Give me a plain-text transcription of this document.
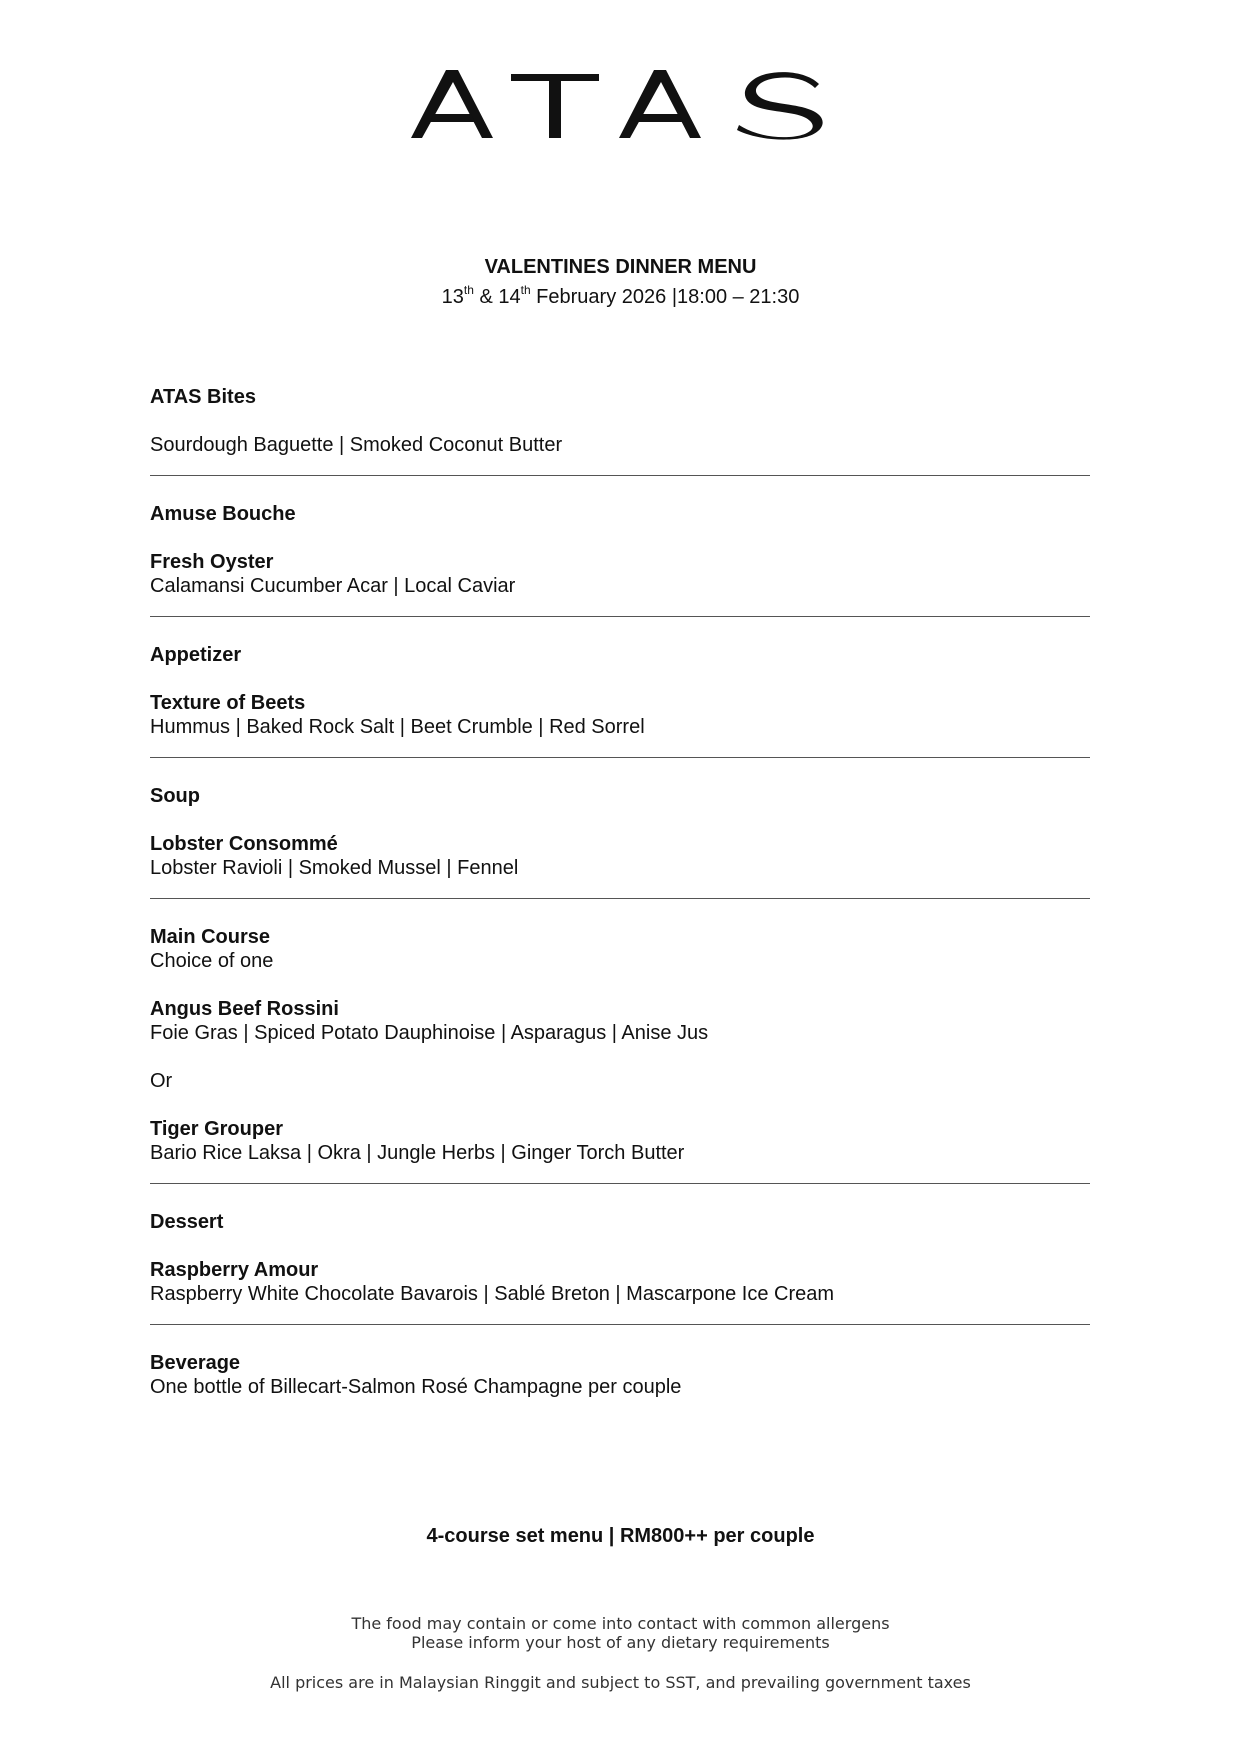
VALENTINES DINNER MENU
13th & 14th February 2026 |18:00 – 21:30
ATAS Bites
Sourdough Baguette | Smoked Coconut Butter
Amuse Bouche
Fresh Oyster
Calamansi Cucumber Acar | Local Caviar
Appetizer
Texture of Beets
Hummus | Baked Rock Salt | Beet Crumble | Red Sorrel
Soup
Lobster Consommé
Lobster Ravioli | Smoked Mussel | Fennel
Main Course
Choice of one
Angus Beef Rossini
Foie Gras | Spiced Potato Dauphinoise | Asparagus | Anise Jus
Or
Tiger Grouper
Bario Rice Laksa | Okra | Jungle Herbs | Ginger Torch Butter
Dessert
Raspberry Amour
Raspberry White Chocolate Bavarois | Sablé Breton | Mascarpone Ice Cream
Beverage
One bottle of Billecart-Salmon Rosé Champagne per couple
4-course set menu | RM800++ per couple
The food may contain or come into contact with common allergens
Please inform your host of any dietary requirements
All prices are in Malaysian Ringgit and subject to SST, and prevailing government taxes
